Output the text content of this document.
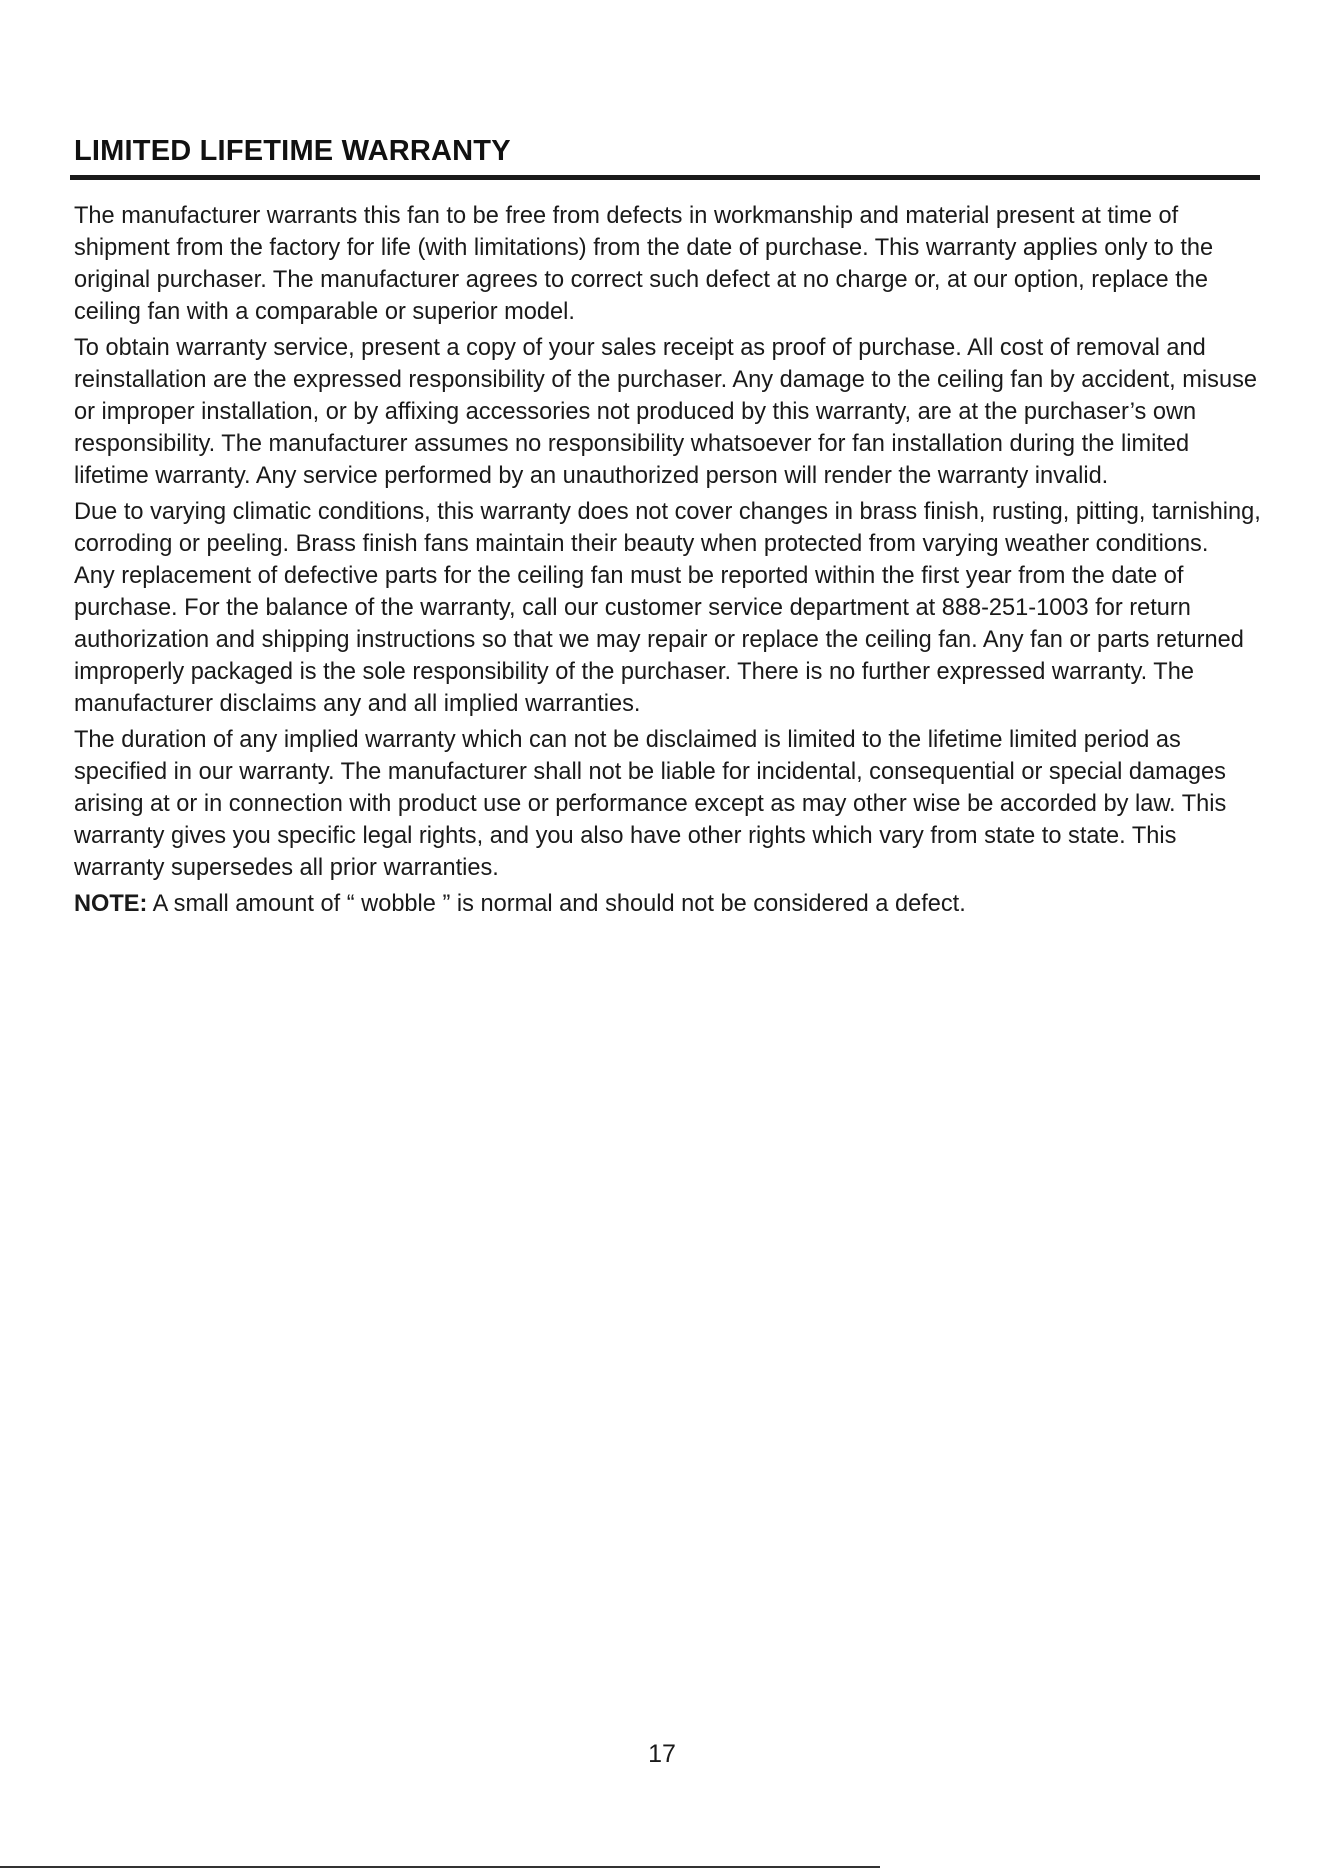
LIMITED LIFETIME WARRANTY

The manufacturer warrants this fan to be free from defects in workmanship and material present at time of shipment from the factory for life (with limitations) from the date of purchase. This warranty applies only to the original purchaser. The manufacturer agrees to correct such defect at no charge or, at our option, replace the ceiling fan with a comparable or superior model.

To obtain warranty service, present a copy of your sales receipt as proof of purchase. All cost of removal and reinstallation are the expressed responsibility of the purchaser. Any damage to the ceiling fan by accident, misuse or improper installation, or by affixing accessories not produced by this warranty, are at the purchaser’s own responsibility. The manufacturer assumes no responsibility whatsoever for fan installation during the limited lifetime warranty. Any service performed by an unauthorized person will render the warranty invalid.

Due to varying climatic conditions, this warranty does not cover changes in brass finish, rusting, pitting, tarnishing, corroding or peeling. Brass finish fans maintain their beauty when protected from varying weather conditions.

Any replacement of defective parts for the ceiling fan must be reported within the first year from the date of purchase. For the balance of the warranty, call our customer service department at 888-251-1003 for return authorization and shipping instructions so that we may repair or replace the ceiling fan. Any fan or parts returned improperly packaged is the sole responsibility of the purchaser. There is no further expressed warranty. The manufacturer disclaims any and all implied warranties.

The duration of any implied warranty which can not be disclaimed is limited to the lifetime limited period as specified in our warranty. The manufacturer shall not be liable for incidental, consequential or special damages arising at or in connection with product use or performance except as may other wise be accorded by law. This warranty gives you specific legal rights, and you also have other rights which vary from state to state. This warranty supersedes all prior warranties.

NOTE: A small amount of “ wobble ” is normal and should not be considered a defect.

17
